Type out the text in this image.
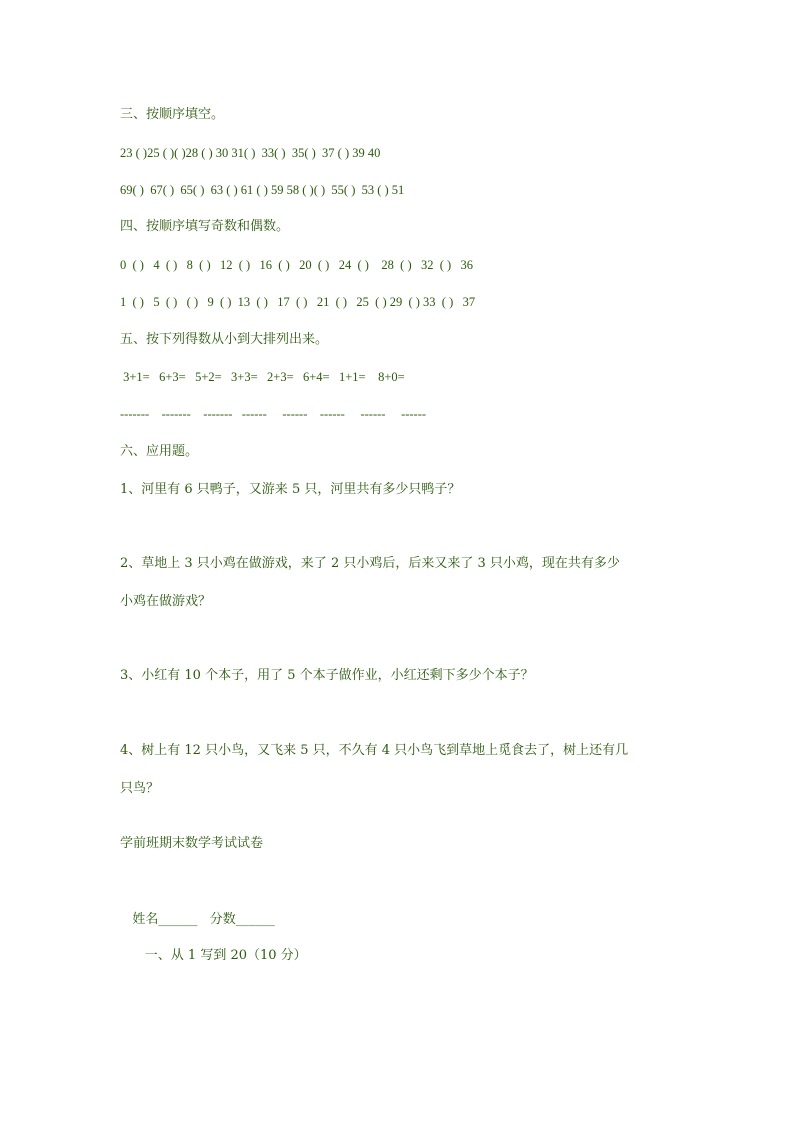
三、按顺序填空。
23 ( )25 ( )( )28 ( ) 30 31( )  33( )  35( )  37 ( ) 39 40
69( )  67( )  65( )  63 ( ) 61 ( ) 59 58 ( )( )  55( )  53 ( ) 51
四、按顺序填写奇数和偶数。
0  ( )   4  ( )   8  ( )   12  ( )   16  ( )   20  ( )   24  ( )    28  ( )   32  ( )   36
1  ( )   5  ( )   ( )   9  ( )  13  ( )   17  ( )   21  ( )   25  ( ) 29  ( ) 33  ( )   37
五、按下列得数从小到大排列出来。
3+1=   6+3=   5+2=   3+3=   2+3=   6+4=   1+1=    8+0=
-------    -------    -------   ------     ------    ------     ------     ------
六、应用题。
1、河里有 6 只鸭子，又游来 5 只，河里共有多少只鸭子？
2、草地上 3 只小鸡在做游戏，来了 2 只小鸡后，后来又来了 3 只小鸡，现在共有多少
小鸡在做游戏？
3、小红有 10 个本子，用了 5 个本子做作业，小红还剩下多少个本子？
4、树上有 12 只小鸟，又飞来 5 只，不久有 4 只小鸟飞到草地上觅食去了，树上还有几
只鸟？
学前班期末数学考试试卷
姓名______   分数______
一、从 1 写到 20（10 分）
